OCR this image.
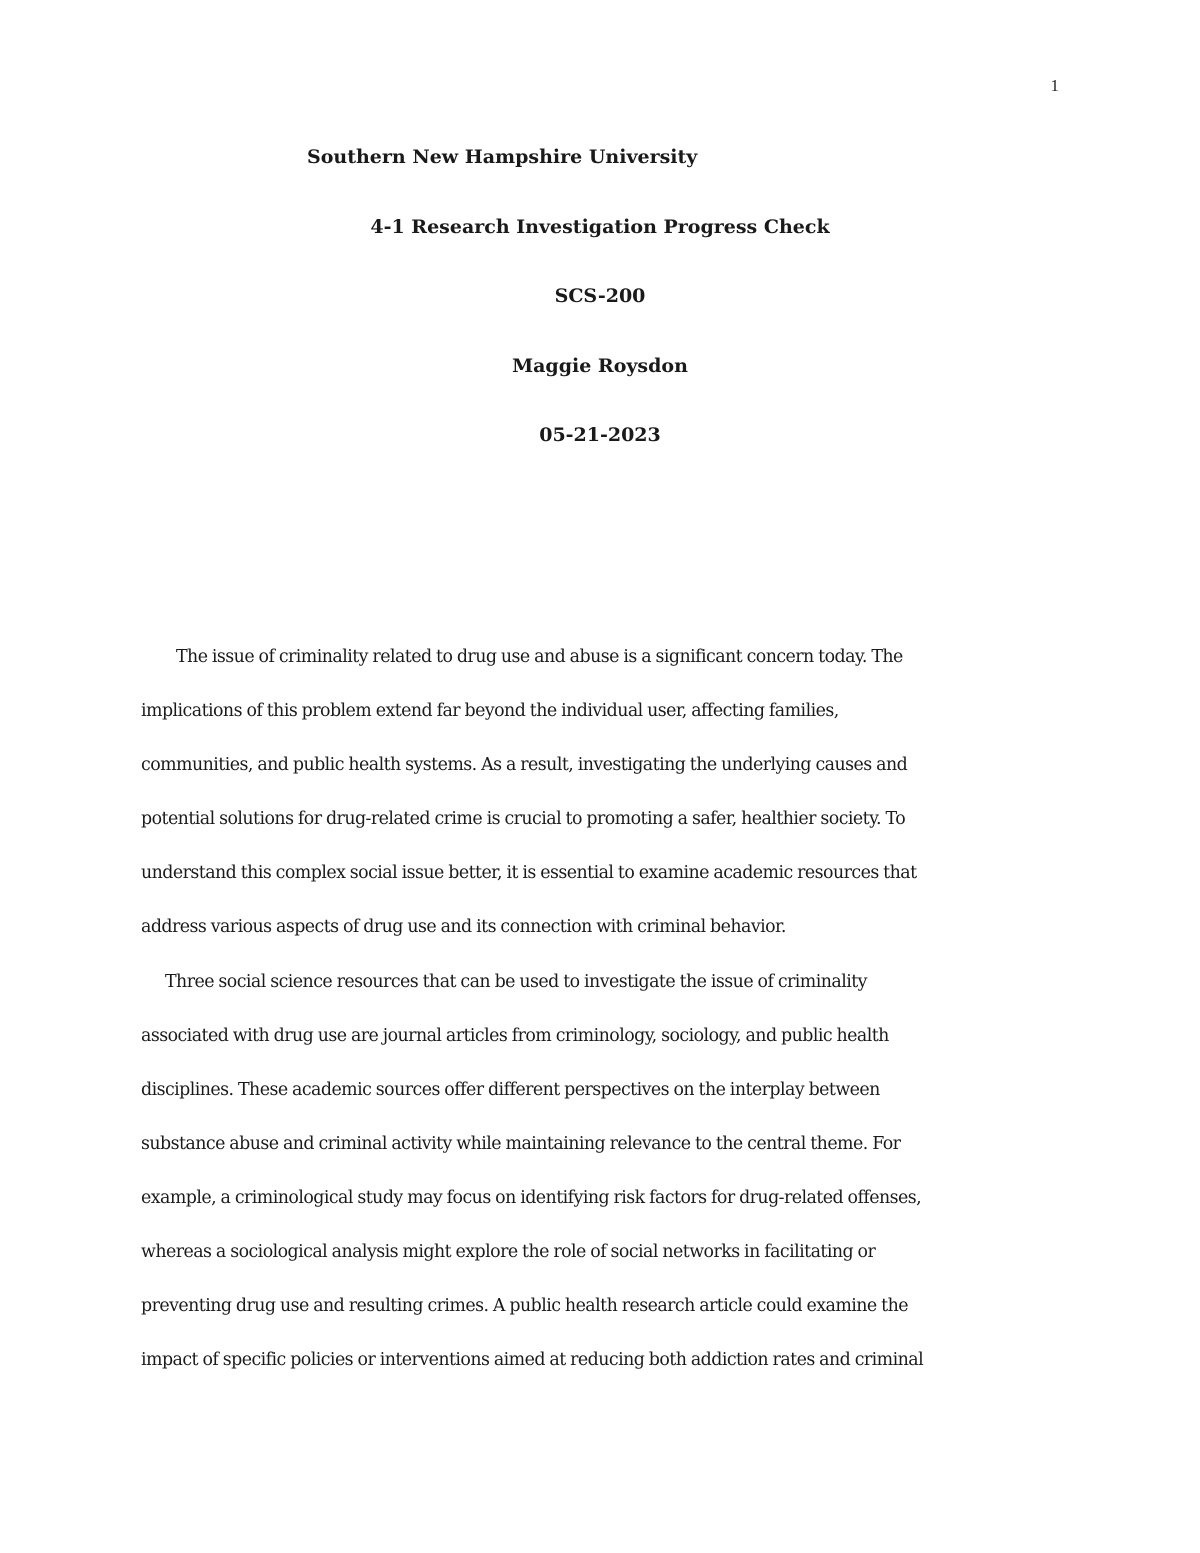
1
Southern New Hampshire University
4-1 Research Investigation Progress Check
SCS-200
Maggie Roysdon
05-21-2023
The issue of criminality related to drug use and abuse is a significant concern today. The
implications of this problem extend far beyond the individual user, affecting families,
communities, and public health systems. As a result, investigating the underlying causes and
potential solutions for drug-related crime is crucial to promoting a safer, healthier society. To
understand this complex social issue better, it is essential to examine academic resources that
address various aspects of drug use and its connection with criminal behavior.
Three social science resources that can be used to investigate the issue of criminality
associated with drug use are journal articles from criminology, sociology, and public health
disciplines. These academic sources offer different perspectives on the interplay between
substance abuse and criminal activity while maintaining relevance to the central theme. For
example, a criminological study may focus on identifying risk factors for drug-related offenses,
whereas a sociological analysis might explore the role of social networks in facilitating or
preventing drug use and resulting crimes. A public health research article could examine the
impact of specific policies or interventions aimed at reducing both addiction rates and criminal
